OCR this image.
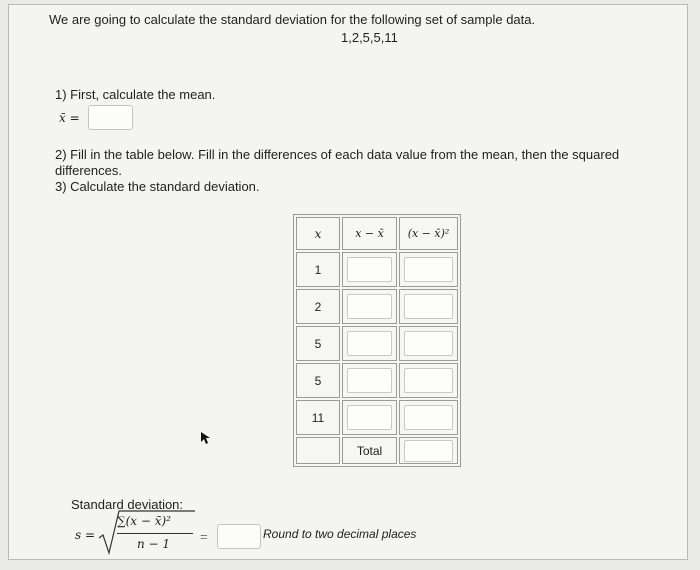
We are going to calculate the standard deviation for the following set of sample data.
1,2,5,5,11
1) First, calculate the mean.
x̄ =
2) Fill in the table below. Fill in the differences of each data value from the mean, then the squared
differences.
3) Calculate the standard deviation.
x	x − x̄	(x − x̄)²
1
2
5
5
11
Total
Standard deviation:
s =
∑(x − x̄)²
n − 1 =	Round to two decimal places
